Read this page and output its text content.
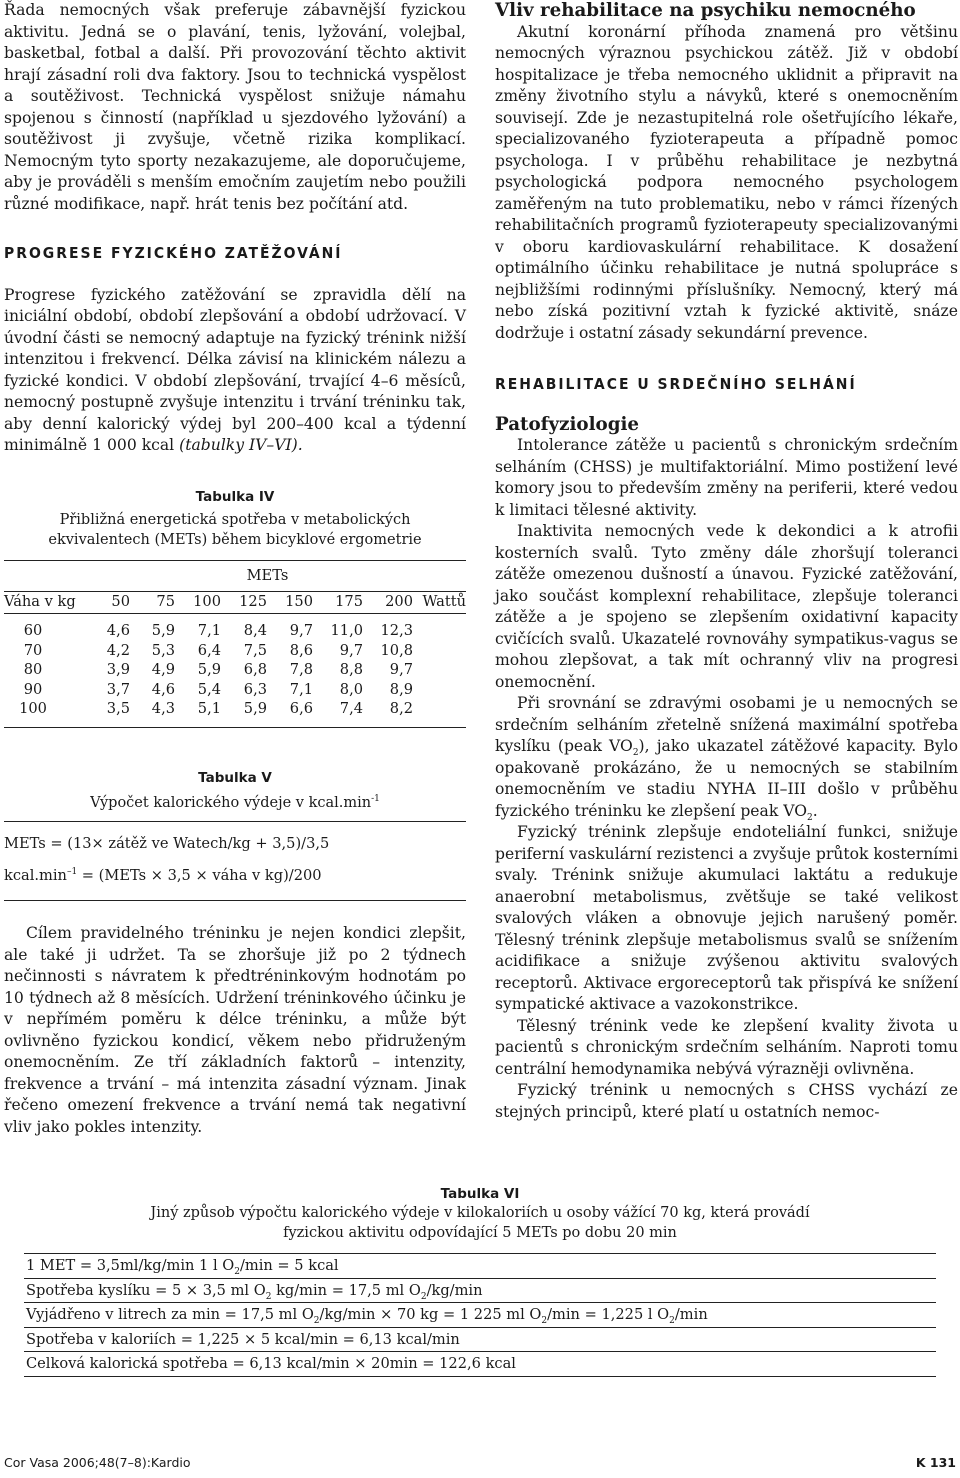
Řada nemocných však preferuje zábavnější fyzickou aktivitu. Jedná se o plavání, tenis, lyžování, volejbal, basketbal, fotbal a další. Při provozování těchto aktivit hrají zásadní roli dva faktory. Jsou to technická vyspělost a soutěživost. Technická vyspělost snižuje námahu spojenou s činností (například u sjezdového lyžování) a soutěživost ji zvyšuje, včetně rizika komplikací. Nemocným tyto sporty nezakazujeme, ale doporučujeme, aby je prováděli s menším emočním zaujetím nebo použili různé modifikace, např. hrát tenis bez počítání atd.

PROGRESE FYZICKÉHO ZATĚŽOVÁNÍ

Progrese fyzického zatěžování se zpravidla dělí na iniciální období, období zlepšování a období udržovací. V úvodní části se nemocný adaptuje na fyzický trénink nižší intenzitou i frekvencí. Délka závisí na klinickém nálezu a fyzické kondici. V období zlepšování, trvající 4–6 měsíců, nemocný postupně zvyšuje intenzitu i trvání tréninku tak, aby denní kalorický výdej byl 200–400 kcal a týdenní minimálně 1 000 kcal (tabulky IV–VI).

Tabulka IV
Přibližná energetická spotřeba v metabolických ekvivalentech (METs) během bicyklové ergometrie
	METs							
Váha v kg	50	75	100	125	150	175	200	Wattů

60	4,6	5,9	7,1	8,4	9,7	11,0	12,3	
70	4,2	5,3	6,4	7,5	8,6	9,7	10,8	
80	3,9	4,9	5,9	6,8	7,8	8,8	9,7	
90	3,7	4,6	5,4	6,3	7,1	8,0	8,9	
100	3,5	4,3	5,1	5,9	6,6	7,4	8,2	

Tabulka V
Výpočet kalorického výdeje v $kcal.\min^{-1}$
METs = (13× zátěž ve Watech/kg + 3,5)/3,5
$kcal.\min^{-1}$ = (METs × 3,5 × váha v kg)/200

Cílem pravidelného tréninku je nejen kondici zlepšit, ale také ji udržet. Ta se zhoršuje již po 2 týdnech nečinnosti s návratem k předtréninkovým hodnotám po 10 týdnech až 8 měsících. Udržení tréninkového účinku je v nepřímém poměru k délce tréninku, a může být ovlivněno fyzickou kondicí, věkem nebo přidruženým onemocněním. Ze tří základních faktorů – intenzity, frekvence a trvání – má intenzita zásadní význam. Jinak řečeno omezení frekvence a trvání nemá tak negativní vliv jako pokles intenzity.

Vliv rehabilitace na psychiku nemocného

Akutní koronární příhoda znamená pro většinu nemocných výraznou psychickou zátěž. Již v období hospitalizace je třeba nemocného uklidnit a připravit na změny životního stylu a návyků, které s onemocněním souvisejí. Zde je nezastupitelná role ošetřujícího lékaře, specializovaného fyzioterapeuta a případně pomoc psychologa. I v průběhu rehabilitace je nezbytná psychologická podpora nemocného psychologem zaměřeným na tuto problematiku, nebo v rámci řízených rehabilitačních programů fyzioterapeuty specializovanými v oboru kardiovaskulární rehabilitace. K dosažení optimálního účinku rehabilitace je nutná spolupráce s nejbližšími rodinnými příslušníky. Nemocný, který má nebo získá pozitivní vztah k fyzické aktivitě, snáze dodržuje i ostatní zásady sekundární prevence.

REHABILITACE U SRDEČNÍHO SELHÁNÍ
Patofyziologie

Intolerance zátěže u pacientů s chronickým srdečním selháním (CHSS) je multifaktoriální. Mimo postižení levé komory jsou to především změny na periferii, které vedou k limitaci tělesné aktivity.

Inaktivita nemocných vede k dekondici a k atrofii kosterních svalů. Tyto změny dále zhoršují toleranci zátěže omezenou dušností a únavou. Fyzické zatěžování, jako součást komplexní rehabilitace, zlepšuje toleranci zátěže a je spojeno se zlepšením oxidativní kapacity cvičících svalů. Ukazatelé rovnováhy sympatikus-vagus se mohou zlepšovat, a tak mít ochranný vliv na progresi onemocnění.

Při srovnání se zdravými osobami je u nemocných se srdečním selháním zřetelně snížená maximální spotřeba kyslíku (peak $VO_2$), jako ukazatel zátěžové kapacity. Bylo opakovaně prokázáno, že u nemocných se stabilním onemocněním ve stadiu NYHA II–III došlo v průběhu fyzického tréninku ke zlepšení peak $VO_2$.

Fyzický trénink zlepšuje endoteliální funkci, snižuje periferní vaskulární rezistenci a zvyšuje průtok kosterními svaly. Trénink snižuje akumulaci laktátu a redukuje anaerobní metabolismus, zvětšuje se také velikost svalových vláken a obnovuje jejich narušený poměr. Tělesný trénink zlepšuje metabolismus svalů se snížením acidifikace a snižuje zvýšenou aktivitu svalových receptorů. Aktivace ergoreceptorů tak přispívá ke snížení sympatické aktivace a vazokonstrikce.

Tělesný trénink vede ke zlepšení kvality života u pacientů s chronickým srdečním selháním. Naproti tomu centrální hemodynamika nebývá výrazněji ovlivněna.

Fyzický trénink u nemocných s CHSS vychází ze stejných principů, které platí u ostatních nemoc-

Tabulka VI
Jiný způsob výpočtu kalorického výdeje v kilokaloriích u osoby vážící 70 kg, která provádí fyzickou aktivitu odpovídající 5 METs po dobu 20 min
1 MET = 3,5ml/kg/min 1 l $O_2/\min = 5$ kcal
Spotřeba kyslíku = 5 × 3,5 ml $O_2$ kg/min = 17,5 ml $O_2/kg/\min$
Vyjádřeno v litrech za min = 17,5 ml $O_2/kg/\min \times 70$ kg = 1 225 ml $O_2/\min = 1,225$ l $O_2/\min$
Spotřeba v kaloriích = 1,225 × 5 kcal/min = 6,13 kcal/min
Celková kalorická spotřeba = 6,13 kcal/min × 20min = 122,6 kcal
Cor Vasa 2006;48(7–8):Kardio	K 131
